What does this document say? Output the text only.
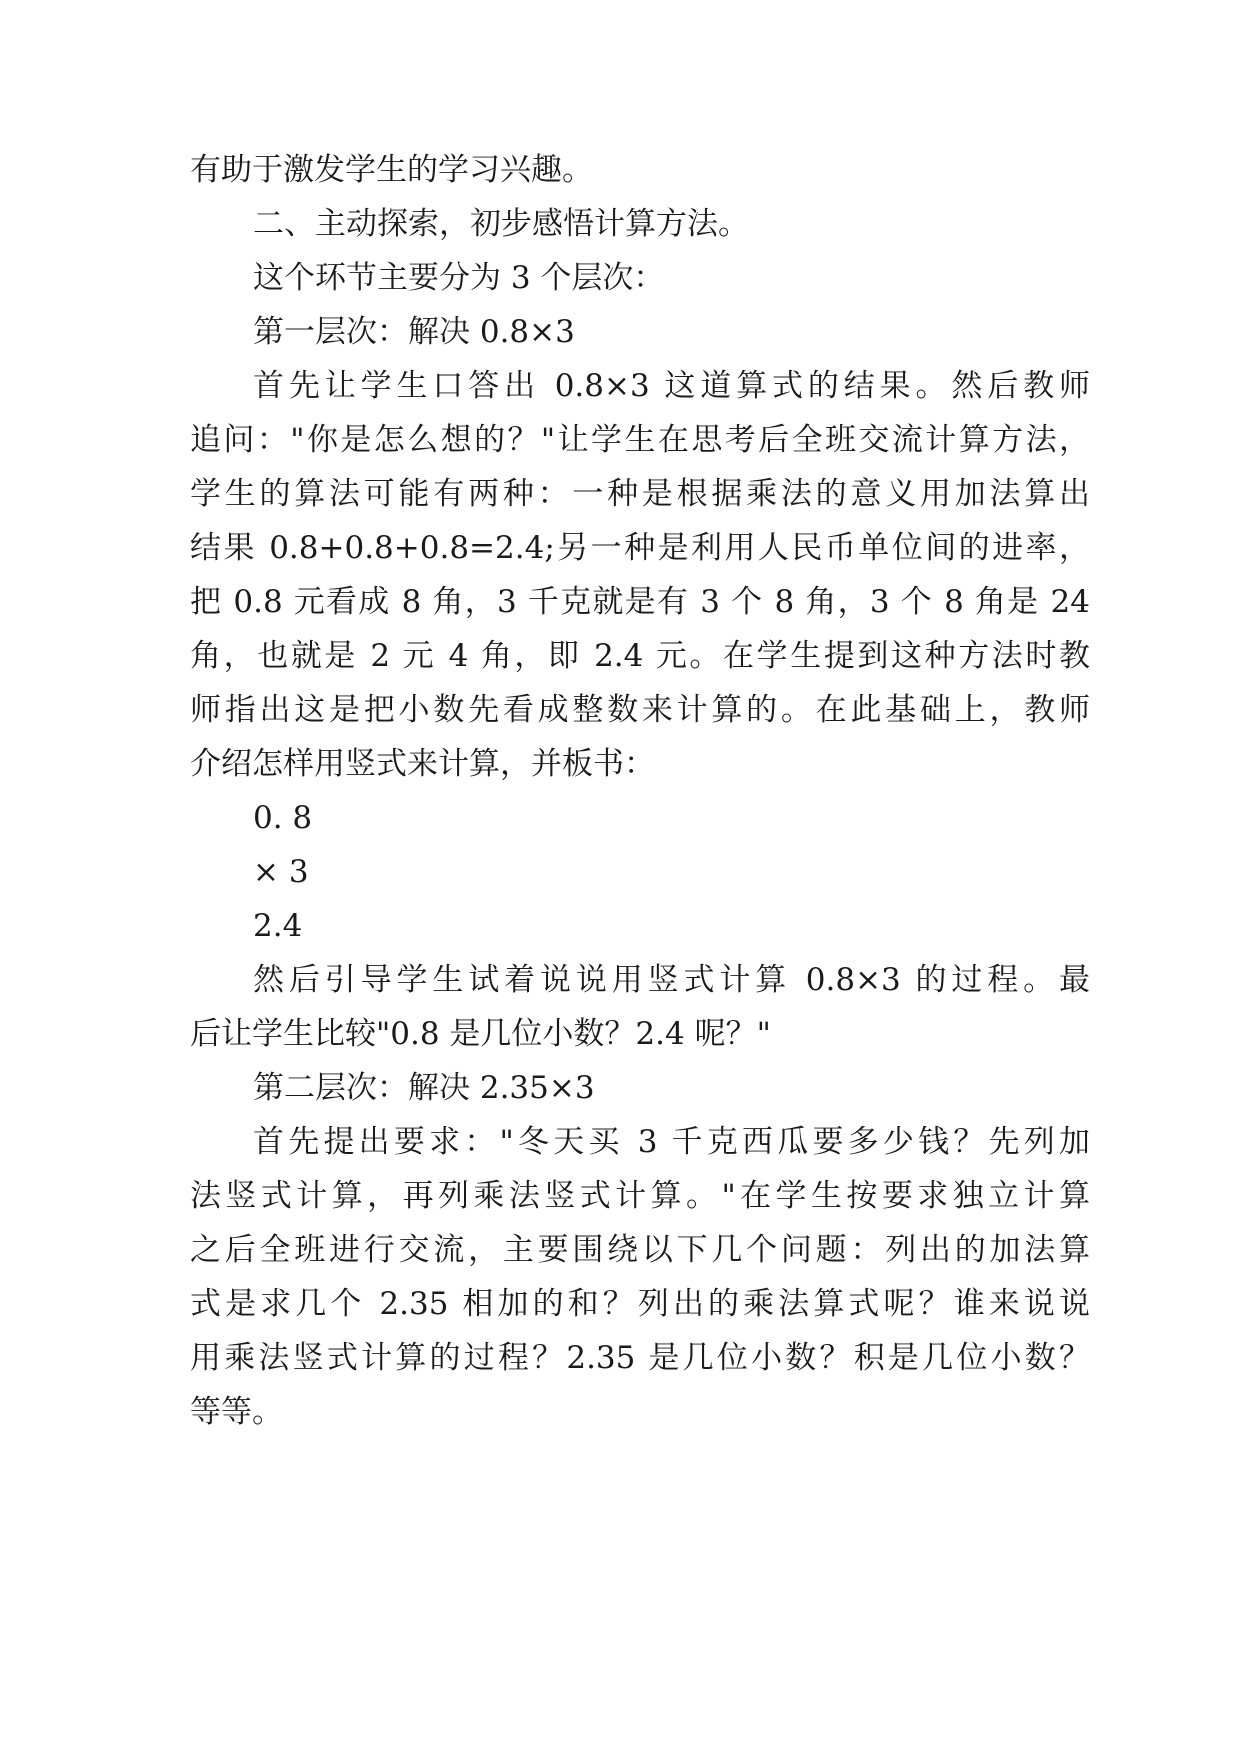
有助于激发学生的学习兴趣。
二、主动探索，初步感悟计算方法。
这个环节主要分为 3 个层次：
第一层次：解决 0.8×3
首先让学生口答出 0.8×3 这道算式的结果。然后教师
追问："你是怎么想的？"让学生在思考后全班交流计算方法，
学生的算法可能有两种：一种是根据乘法的意义用加法算出
结果 0.8+0.8+0.8=2.4;另一种是利用人民币单位间的进率，
把 0.8 元看成 8 角，3 千克就是有 3 个 8 角，3 个 8 角是 24
角，也就是 2 元 4 角，即 2.4 元。在学生提到这种方法时教
师指出这是把小数先看成整数来计算的。在此基础上，教师
介绍怎样用竖式来计算，并板书：
0. 8
× 3
2.4
然后引导学生试着说说用竖式计算 0.8×3 的过程。最
后让学生比较"0.8 是几位小数？2.4 呢？"
第二层次：解决 2.35×3
首先提出要求："冬天买 3 千克西瓜要多少钱？先列加
法竖式计算，再列乘法竖式计算。"在学生按要求独立计算
之后全班进行交流，主要围绕以下几个问题：列出的加法算
式是求几个 2.35 相加的和？列出的乘法算式呢？谁来说说
用乘法竖式计算的过程？2.35 是几位小数？积是几位小数？
等等。
